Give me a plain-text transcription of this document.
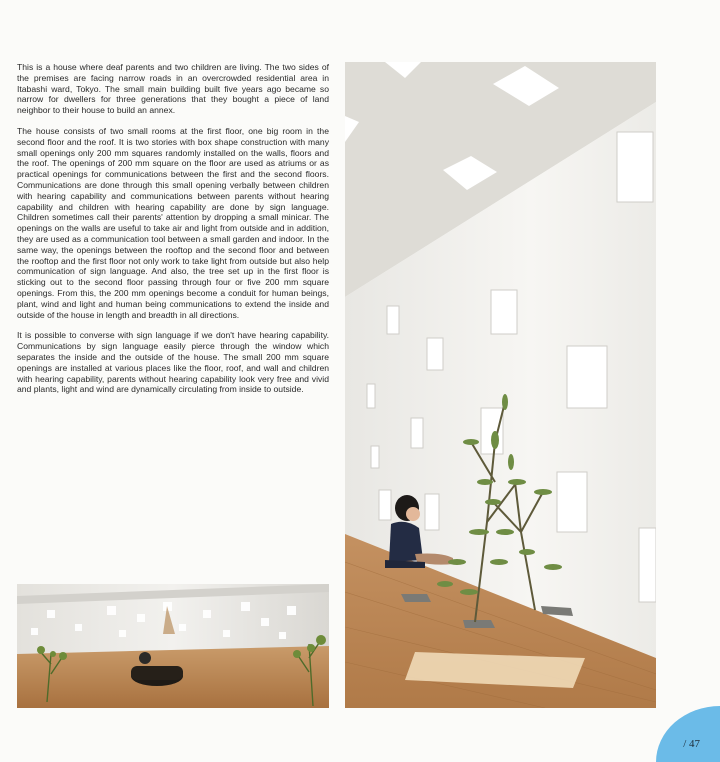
This is a house where deaf parents and two children are living. The two sides of the premises are facing narrow roads in an overcrowded residential area in Itabashi ward, Tokyo. The small main building built five years ago became so narrow for dwellers for three generations that they bought a piece of land neighbor to their house to build an annex.

The house consists of two small rooms at the first floor, one big room in the second floor and the roof. It is two stories with box shape construction with many small openings only 200 mm squares randomly installed on the walls, floors and the roof. The openings of 200 mm square on the floor are used as atriums or as practical openings for communications between the first and the second floors. Communications are done through this small opening verbally between children with hearing capability and communications between parents without hearing capability and children with hearing capability are done by sign language. Children sometimes call their parents' attention by dropping a small minicar. The openings on the walls are useful to take air and light from outside and in addition, they are used as a communication tool between a small garden and indoor. In the same way, the openings between the rooftop and the second floor and between the rooftop and the first floor not only work to take light from outside but also help communication of sign language. And also, the tree set up in the first floor is sticking out to the second floor passing through four or five 200 mm square openings. From this, the 200 mm openings become a conduit for human beings, plant, wind and light and human being communications to extend the inside and outside of the house in length and breadth in all directions.

It is possible to converse with sign language if we don't have hearing capability. Communications by sign language easily pierce through the window which separates the inside and the outside of the house. The small 200 mm square openings are installed at various places like the floor, roof, and wall and children with hearing capability, parents without hearing capability look very free and vivid and plants, light and wind are dynamically circulating from inside to outside.

/ 47
